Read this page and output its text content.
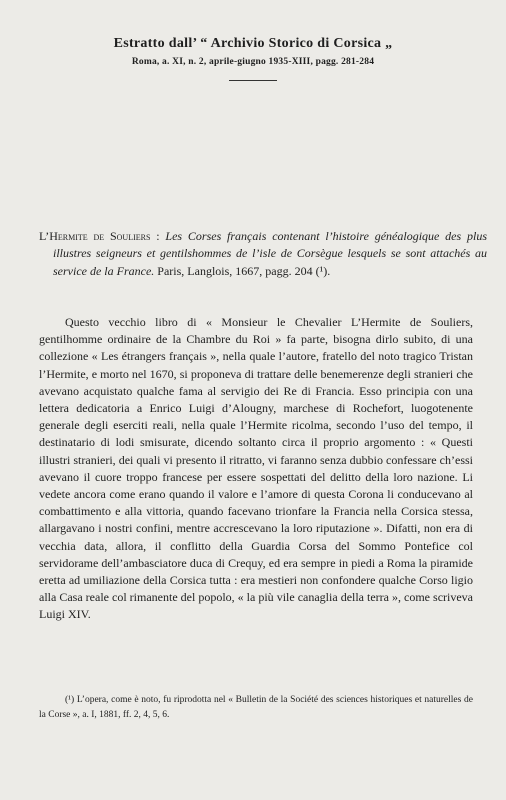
Estratto dall’ “ Archivio Storico di Corsica „
Roma, a. XI, n. 2, aprile-giugno 1935-XIII, pagg. 281-284
L’Hermite de Souliers : Les Corses français contenant l’histoire généalogique des plus illustres seigneurs et gentilshommes de l’isle de Corsègue lesquels se sont attachés au service de la France. Paris, Langlois, 1667, pagg. 204 (¹).

Questo vecchio libro di « Monsieur le Chevalier L’Hermite de Souliers, gentilhomme ordinaire de la Chambre du Roi » fa parte, bisogna dirlo subito, di una collezione « Les étrangers français », nella quale l’autore, fratello del noto tragico Tristan l’Hermite, e morto nel 1670, si proponeva di trattare delle benemerenze degli stranieri che avevano acquistato qualche fama al servigio dei Re di Francia. Esso principia con una lettera dedicatoria a Enrico Luigi d’Alougny, marchese di Rochefort, luogotenente generale degli eserciti reali, nella quale l’Hermite ricolma, secondo l’uso del tempo, il destinatario di lodi smisurate, dicendo soltanto circa il proprio argomento : « Questi illustri stranieri, dei quali vi presento il ritratto, vi faranno senza dubbio confessare ch’essi avevano il cuore troppo francese per essere sospettati del delitto della loro nazione. Li vedete ancora come erano quando il valore e l’amore di questa Corona li conducevano al combattimento e alla vittoria, quando facevano trionfare la Francia nella Corsica stessa, allargavano i nostri confini, mentre accrescevano la loro riputazione ». Difatti, non era di vecchia data, allora, il conflitto della Guardia Corsa del Sommo Pontefice col servidorame dell’ambasciatore duca di Crequy, ed era sempre in piedi a Roma la piramide eretta ad umiliazione della Corsica tutta : era mestieri non confondere qualche Corso ligio alla Casa reale col rimanente del popolo, « la più vile canaglia della terra », come scriveva Luigi XIV.

(¹) L’opera, come è noto, fu riprodotta nel « Bulletin de la Société des sciences historiques et naturelles de la Corse », a. I, 1881, ff. 2, 4, 5, 6.
